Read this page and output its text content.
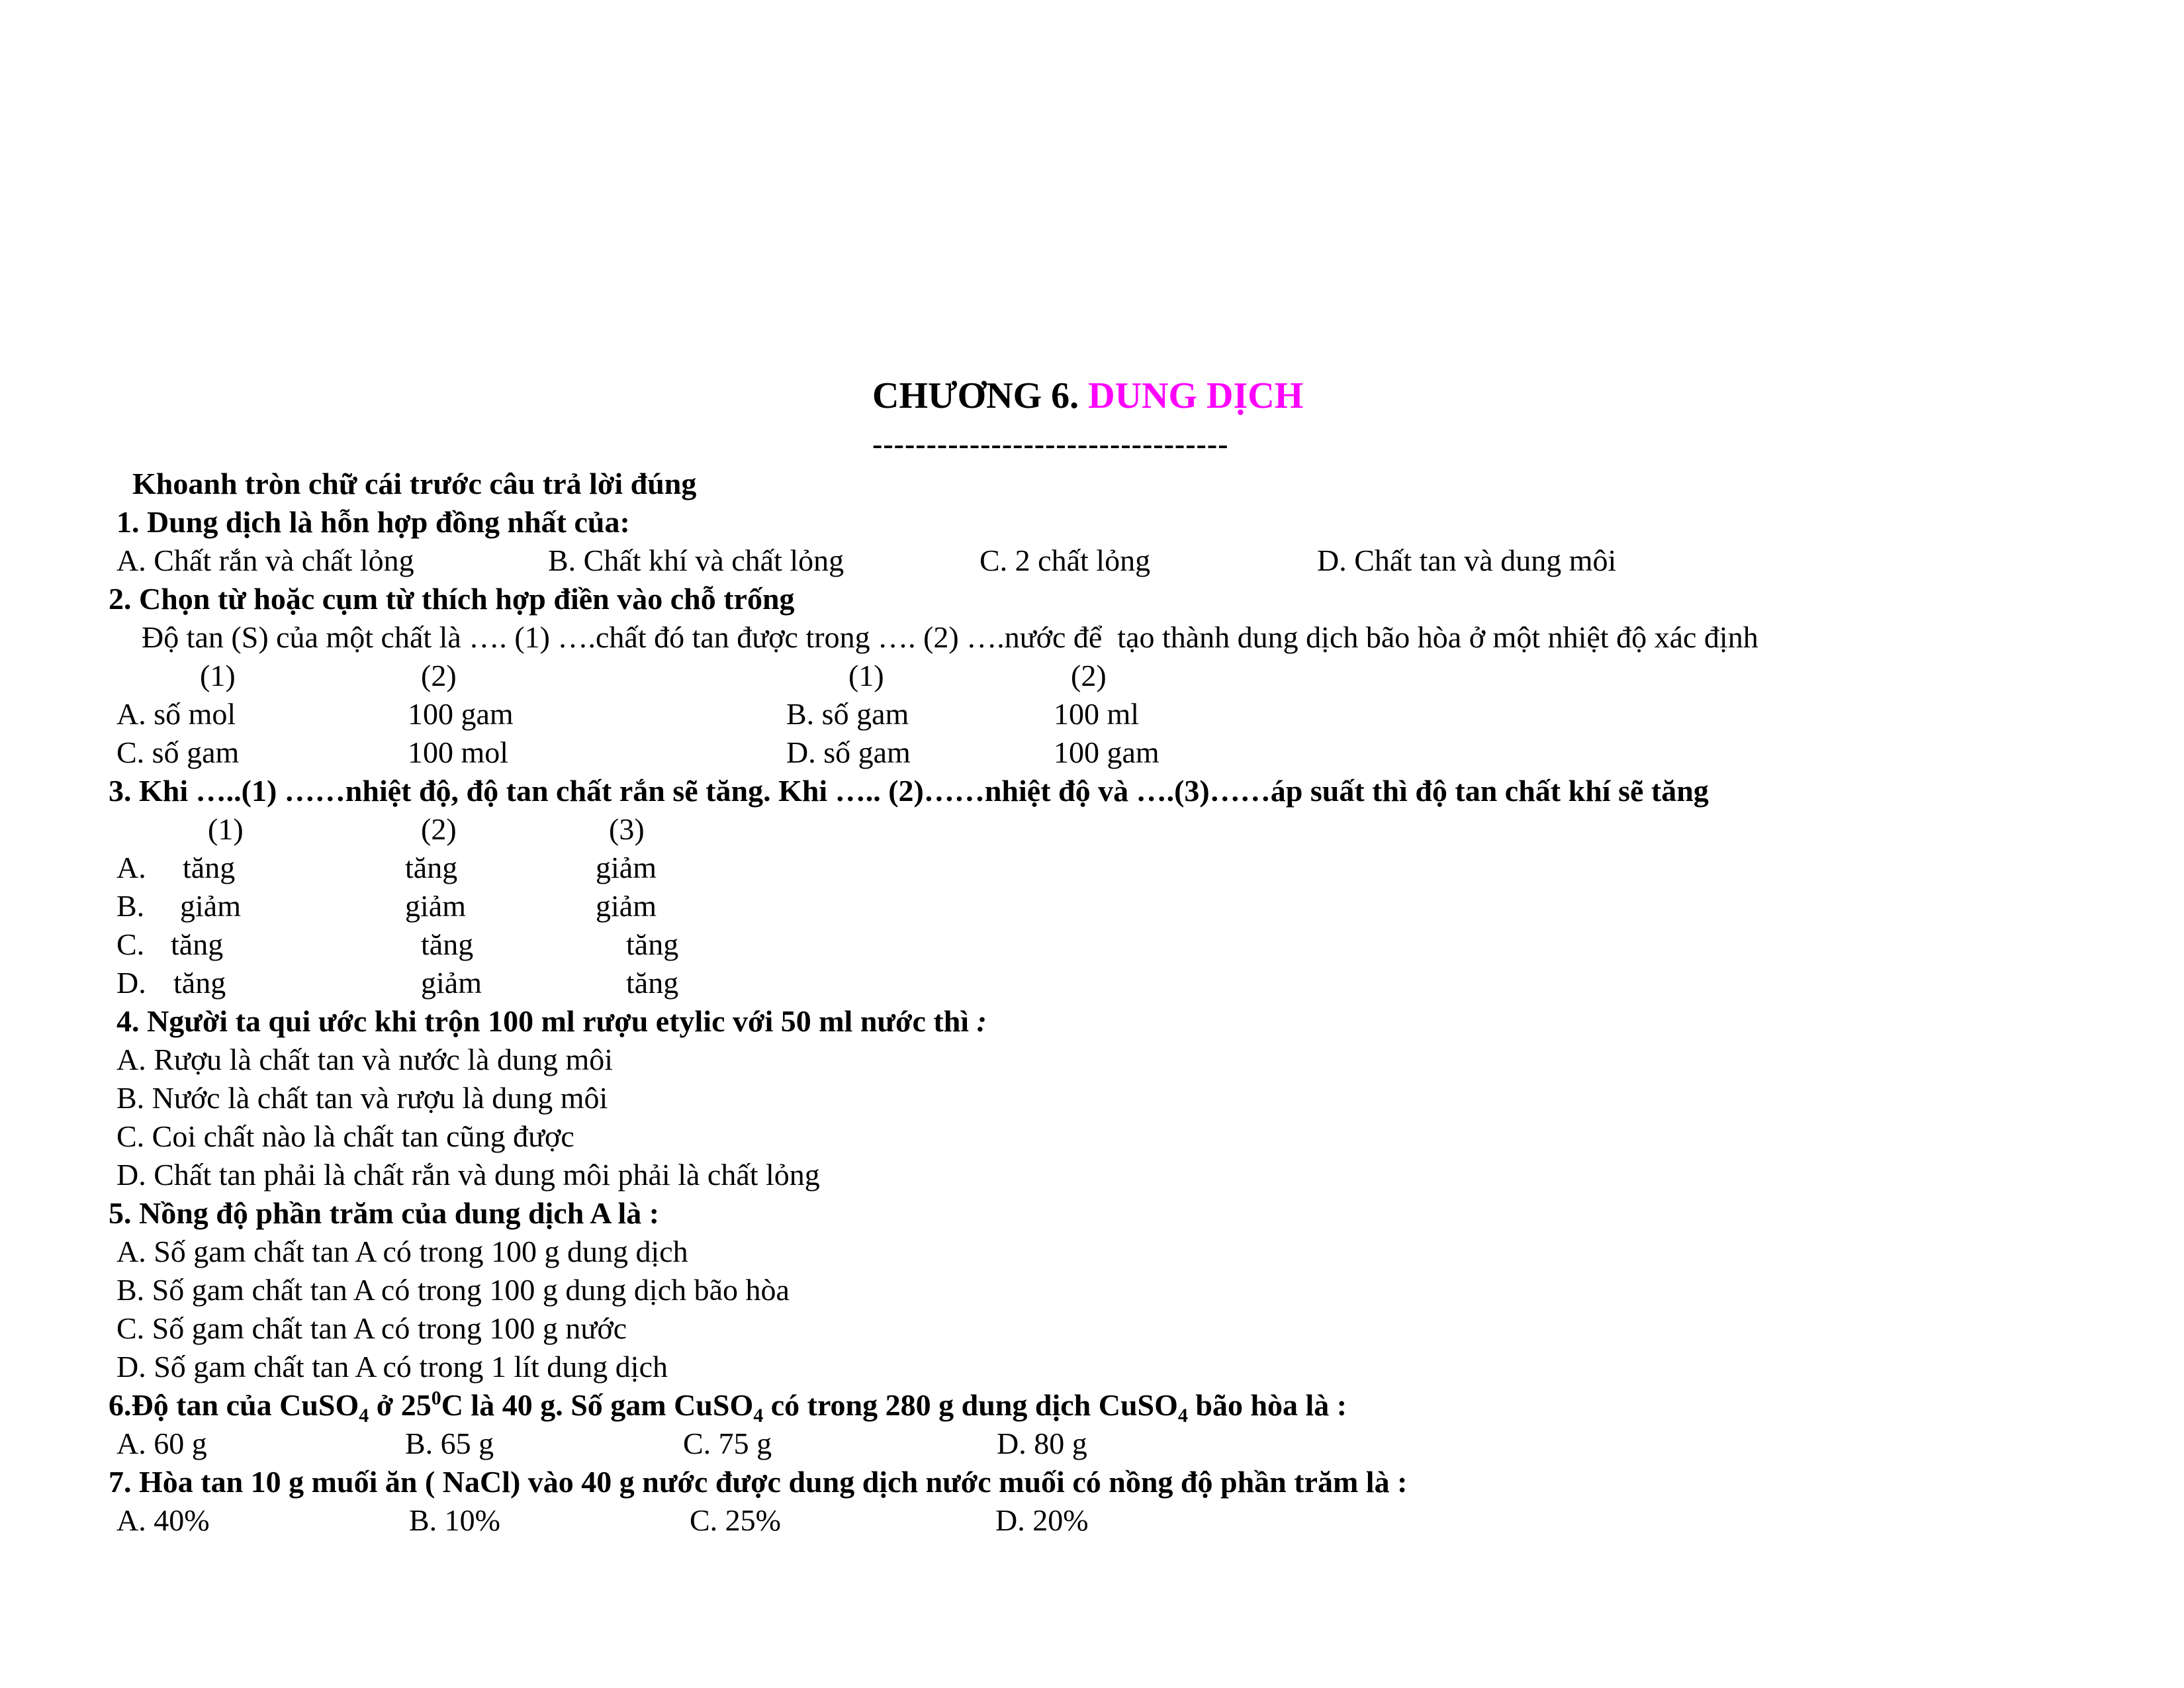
CHƯƠNG 6. DUNG DỊCH
---------------------------------
Khoanh tròn chữ cái trước câu trả lời đúng
1. Dung dịch là hỗn hợp đồng nhất của:
A. Chất rắn và chất lỏng	B. Chất khí và chất lỏng	C. 2 chất lỏng	D. Chất tan và dung môi
2. Chọn từ hoặc cụm từ thích hợp điền vào chỗ trống
Độ tan (S) của một chất là …. (1) ….chất đó tan được trong …. (2) ….nước để  tạo thành dung dịch bão hòa ở một nhiệt độ xác định
(1)	(2)	(1)	(2)
A. số mol	100 gam	B. số gam	100 ml
C. số gam	100 mol	D. số gam	100 gam
3. Khi …..(1) ……nhiệt độ, độ tan chất rắn sẽ tăng. Khi ….. (2)……nhiệt độ và ….(3)……áp suất thì độ tan chất khí sẽ tăng
(1)	(2)	(3)
A. tăng	tăng	giảm
B. giảm	giảm	giảm
C. tăng	tăng	tăng
D. tăng	giảm	tăng
4. Người ta qui ước khi trộn 100 ml rượu etylic với 50 ml nước thì :
A. Rượu là chất tan và nước là dung môi
B. Nước là chất tan và rượu là dung môi
C. Coi chất nào là chất tan cũng được
D. Chất tan phải là chất rắn và dung môi phải là chất lỏng
5. Nồng độ phần trăm của dung dịch A là :
A. Số gam chất tan A có trong 100 g dung dịch
B. Số gam chất tan A có trong 100 g dung dịch bão hòa
C. Số gam chất tan A có trong 100 g nước
D. Số gam chất tan A có trong 1 lít dung dịch
6.Độ tan của CuSO$_4$ ở $25^0C$ là 40 g. Số gam CuSO$_4$ có trong 280 g dung dịch CuSO$_4$ bão hòa là :
A. 60 g	B. 65 g	C. 75 g	D. 80 g
7. Hòa tan 10 g muối ăn ( NaCl) vào 40 g nước được dung dịch nước muối có nồng độ phần trăm là :
A. 40%	B. 10%	C. 25%	D. 20%
